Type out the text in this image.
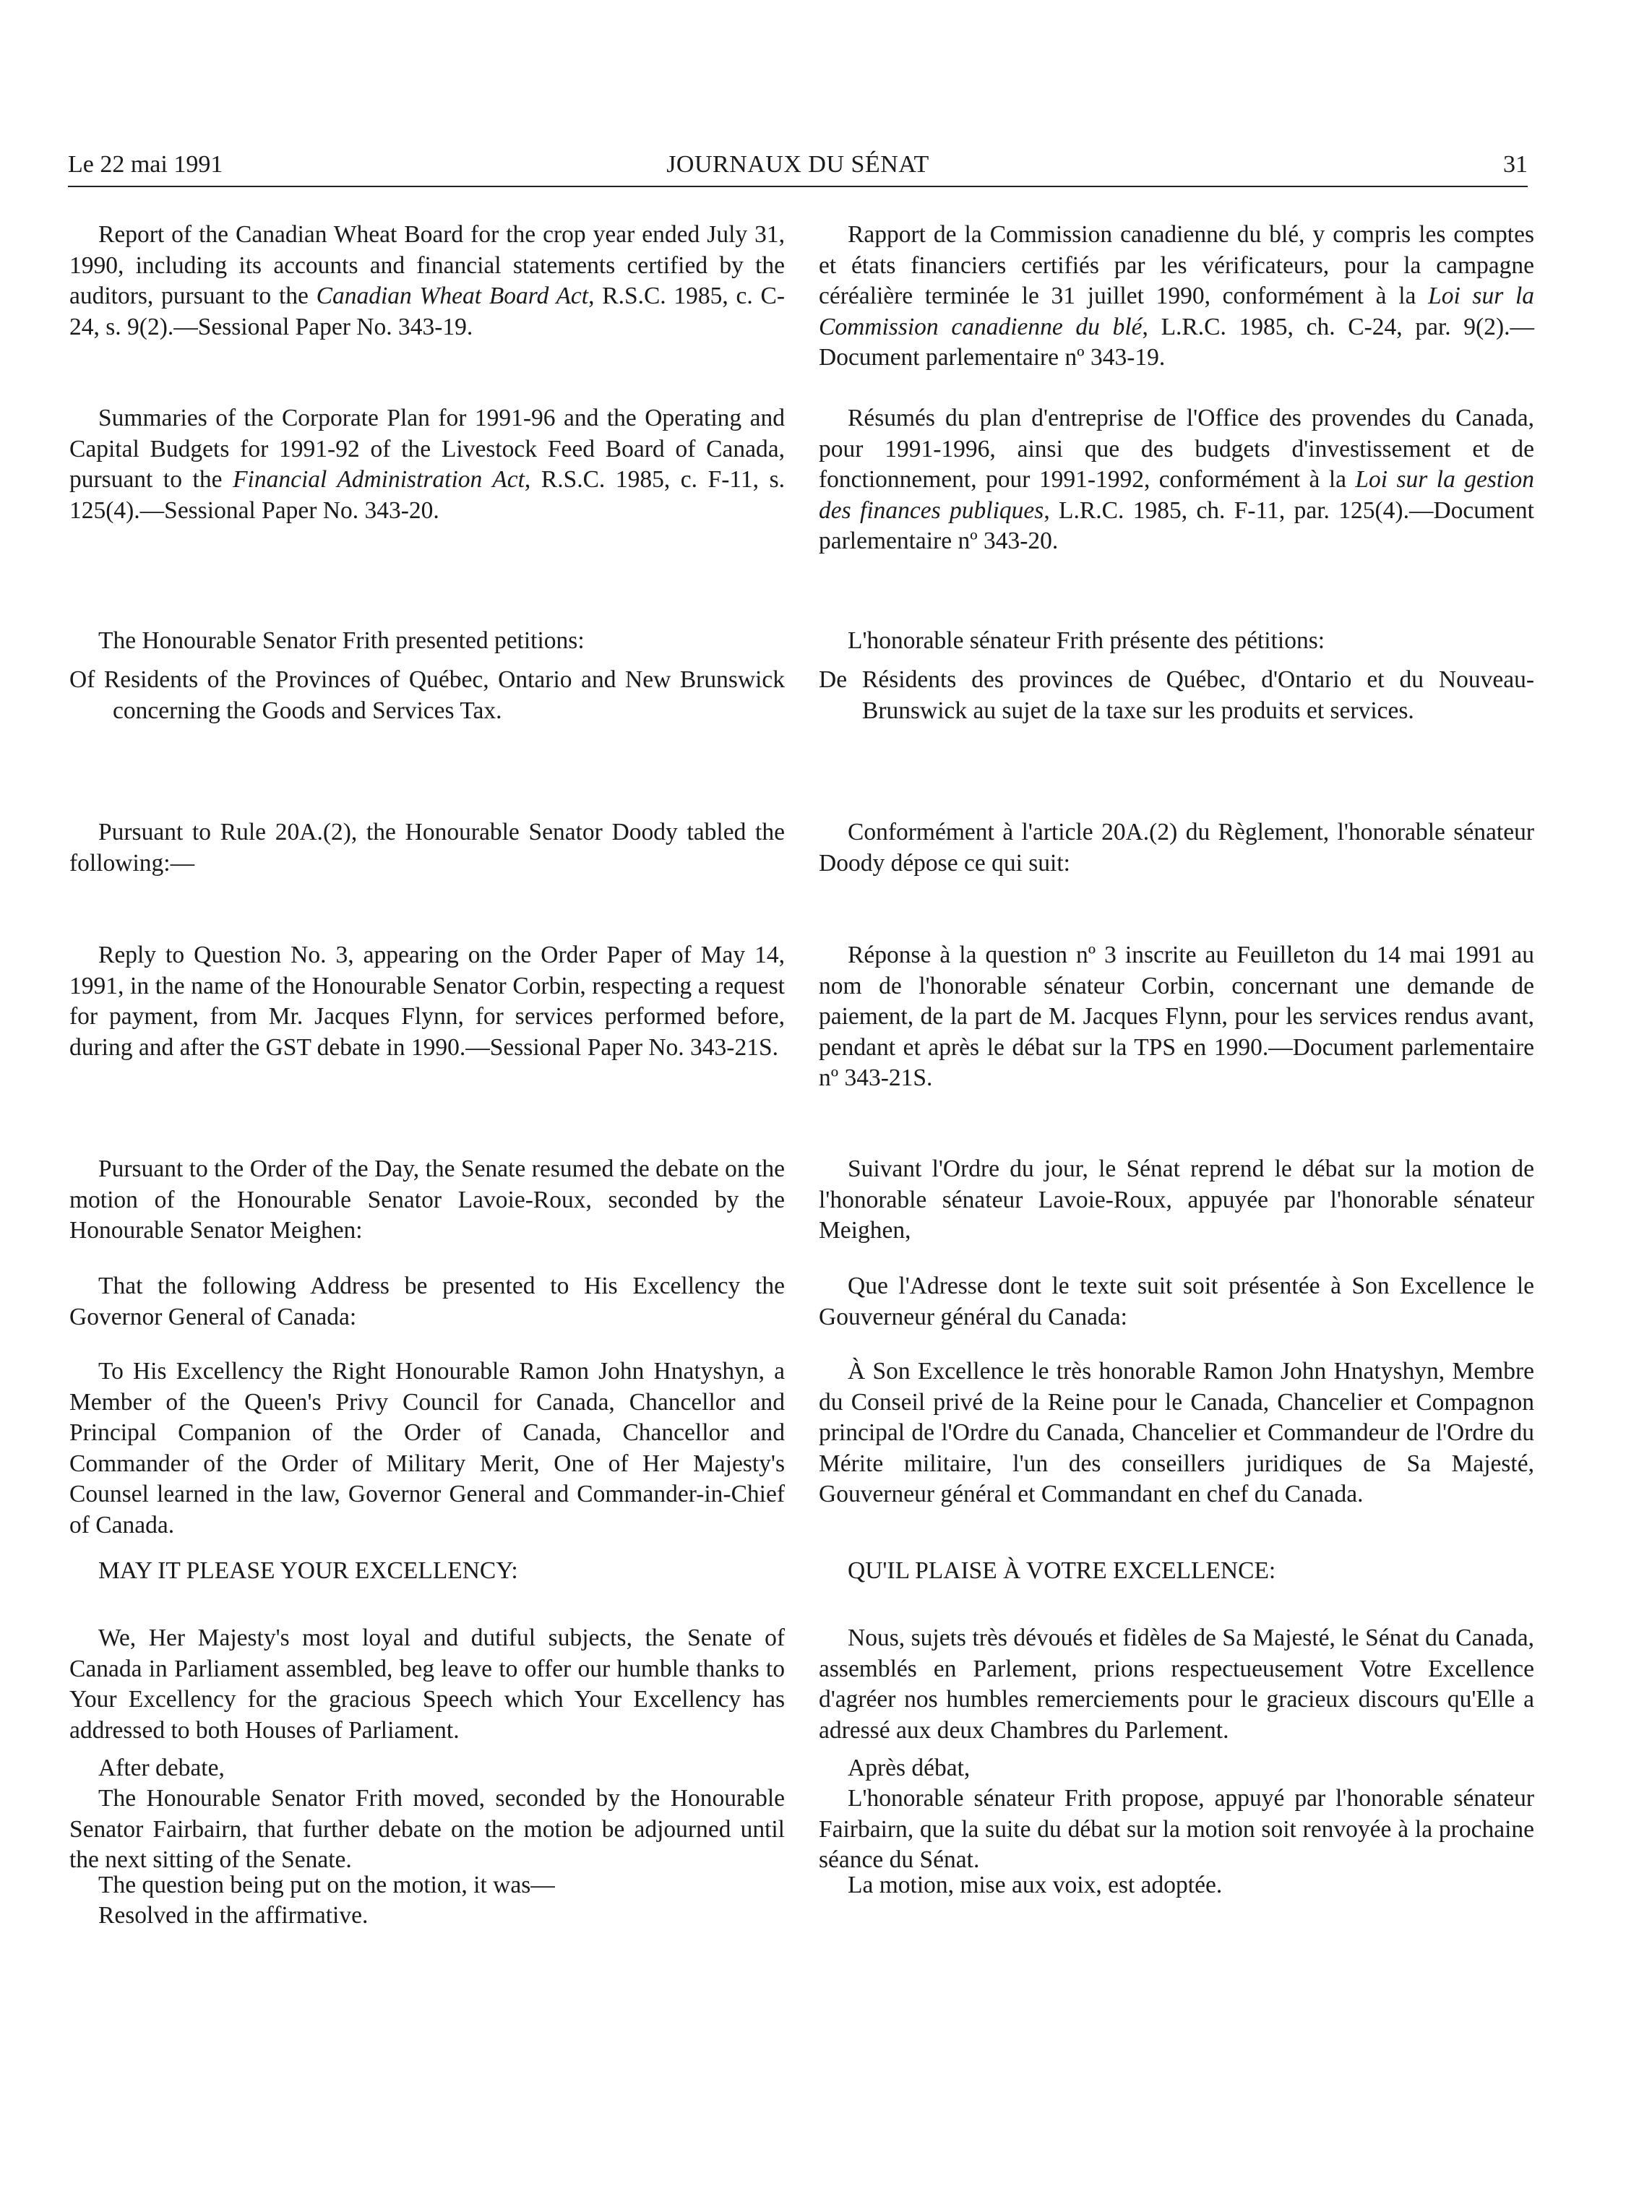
Le 22 mai 1991	JOURNAUX DU SÉNAT	31

Report of the Canadian Wheat Board for the crop year ended July 31, 1990, including its accounts and financial statements certified by the auditors, pursuant to the Canadian Wheat Board Act, R.S.C. 1985, c. C-24, s. 9(2).—Sessional Paper No. 343-19.

Summaries of the Corporate Plan for 1991-96 and the Operating and Capital Budgets for 1991-92 of the Livestock Feed Board of Canada, pursuant to the Financial Administration Act, R.S.C. 1985, c. F-11, s. 125(4).—Sessional Paper No. 343-20.

The Honourable Senator Frith presented petitions:

Of Residents of the Provinces of Québec, Ontario and New Brunswick concerning the Goods and Services Tax.

Pursuant to Rule 20A.(2), the Honourable Senator Doody tabled the following:—

Reply to Question No. 3, appearing on the Order Paper of May 14, 1991, in the name of the Honourable Senator Corbin, respecting a request for payment, from Mr. Jacques Flynn, for services performed before, during and after the GST debate in 1990.—Sessional Paper No. 343-21S.

Pursuant to the Order of the Day, the Senate resumed the debate on the motion of the Honourable Senator Lavoie-Roux, seconded by the Honourable Senator Meighen:

That the following Address be presented to His Excellency the Governor General of Canada:

To His Excellency the Right Honourable Ramon John Hnatyshyn, a Member of the Queen's Privy Council for Canada, Chancellor and Principal Companion of the Order of Canada, Chancellor and Commander of the Order of Military Merit, One of Her Majesty's Counsel learned in the law, Governor General and Commander-in-Chief of Canada.

MAY IT PLEASE YOUR EXCELLENCY:

We, Her Majesty's most loyal and dutiful subjects, the Senate of Canada in Parliament assembled, beg leave to offer our humble thanks to Your Excellency for the gracious Speech which Your Excellency has addressed to both Houses of Parliament.

After debate,

The Honourable Senator Frith moved, seconded by the Honourable Senator Fairbairn, that further debate on the motion be adjourned until the next sitting of the Senate.

The question being put on the motion, it was—

Resolved in the affirmative.

Rapport de la Commission canadienne du blé, y compris les comptes et états financiers certifiés par les vérificateurs, pour la campagne céréalière terminée le 31 juillet 1990, conformément à la Loi sur la Commission canadienne du blé, L.R.C. 1985, ch. C-24, par. 9(2).—Document parlementaire nº 343-19.

Résumés du plan d'entreprise de l'Office des provendes du Canada, pour 1991-1996, ainsi que des budgets d'investissement et de fonctionnement, pour 1991-1992, conformément à la Loi sur la gestion des finances publiques, L.R.C. 1985, ch. F-11, par. 125(4).—Document parlementaire nº 343-20.

L'honorable sénateur Frith présente des pétitions:

De Résidents des provinces de Québec, d'Ontario et du Nouveau-Brunswick au sujet de la taxe sur les produits et services.

Conformément à l'article 20A.(2) du Règlement, l'honorable sénateur Doody dépose ce qui suit:

Réponse à la question nº 3 inscrite au Feuilleton du 14 mai 1991 au nom de l'honorable sénateur Corbin, concernant une demande de paiement, de la part de M. Jacques Flynn, pour les services rendus avant, pendant et après le débat sur la TPS en 1990.—Document parlementaire nº 343-21S.

Suivant l'Ordre du jour, le Sénat reprend le débat sur la motion de l'honorable sénateur Lavoie-Roux, appuyée par l'honorable sénateur Meighen,

Que l'Adresse dont le texte suit soit présentée à Son Excellence le Gouverneur général du Canada:

À Son Excellence le très honorable Ramon John Hnatyshyn, Membre du Conseil privé de la Reine pour le Canada, Chancelier et Compagnon principal de l'Ordre du Canada, Chancelier et Commandeur de l'Ordre du Mérite militaire, l'un des conseillers juridiques de Sa Majesté, Gouverneur général et Commandant en chef du Canada.

QU'IL PLAISE À VOTRE EXCELLENCE:

Nous, sujets très dévoués et fidèles de Sa Majesté, le Sénat du Canada, assemblés en Parlement, prions respectueusement Votre Excellence d'agréer nos humbles remerciements pour le gracieux discours qu'Elle a adressé aux deux Chambres du Parlement.

Après débat,

L'honorable sénateur Frith propose, appuyé par l'honorable sénateur Fairbairn, que la suite du débat sur la motion soit renvoyée à la prochaine séance du Sénat.

La motion, mise aux voix, est adoptée.
